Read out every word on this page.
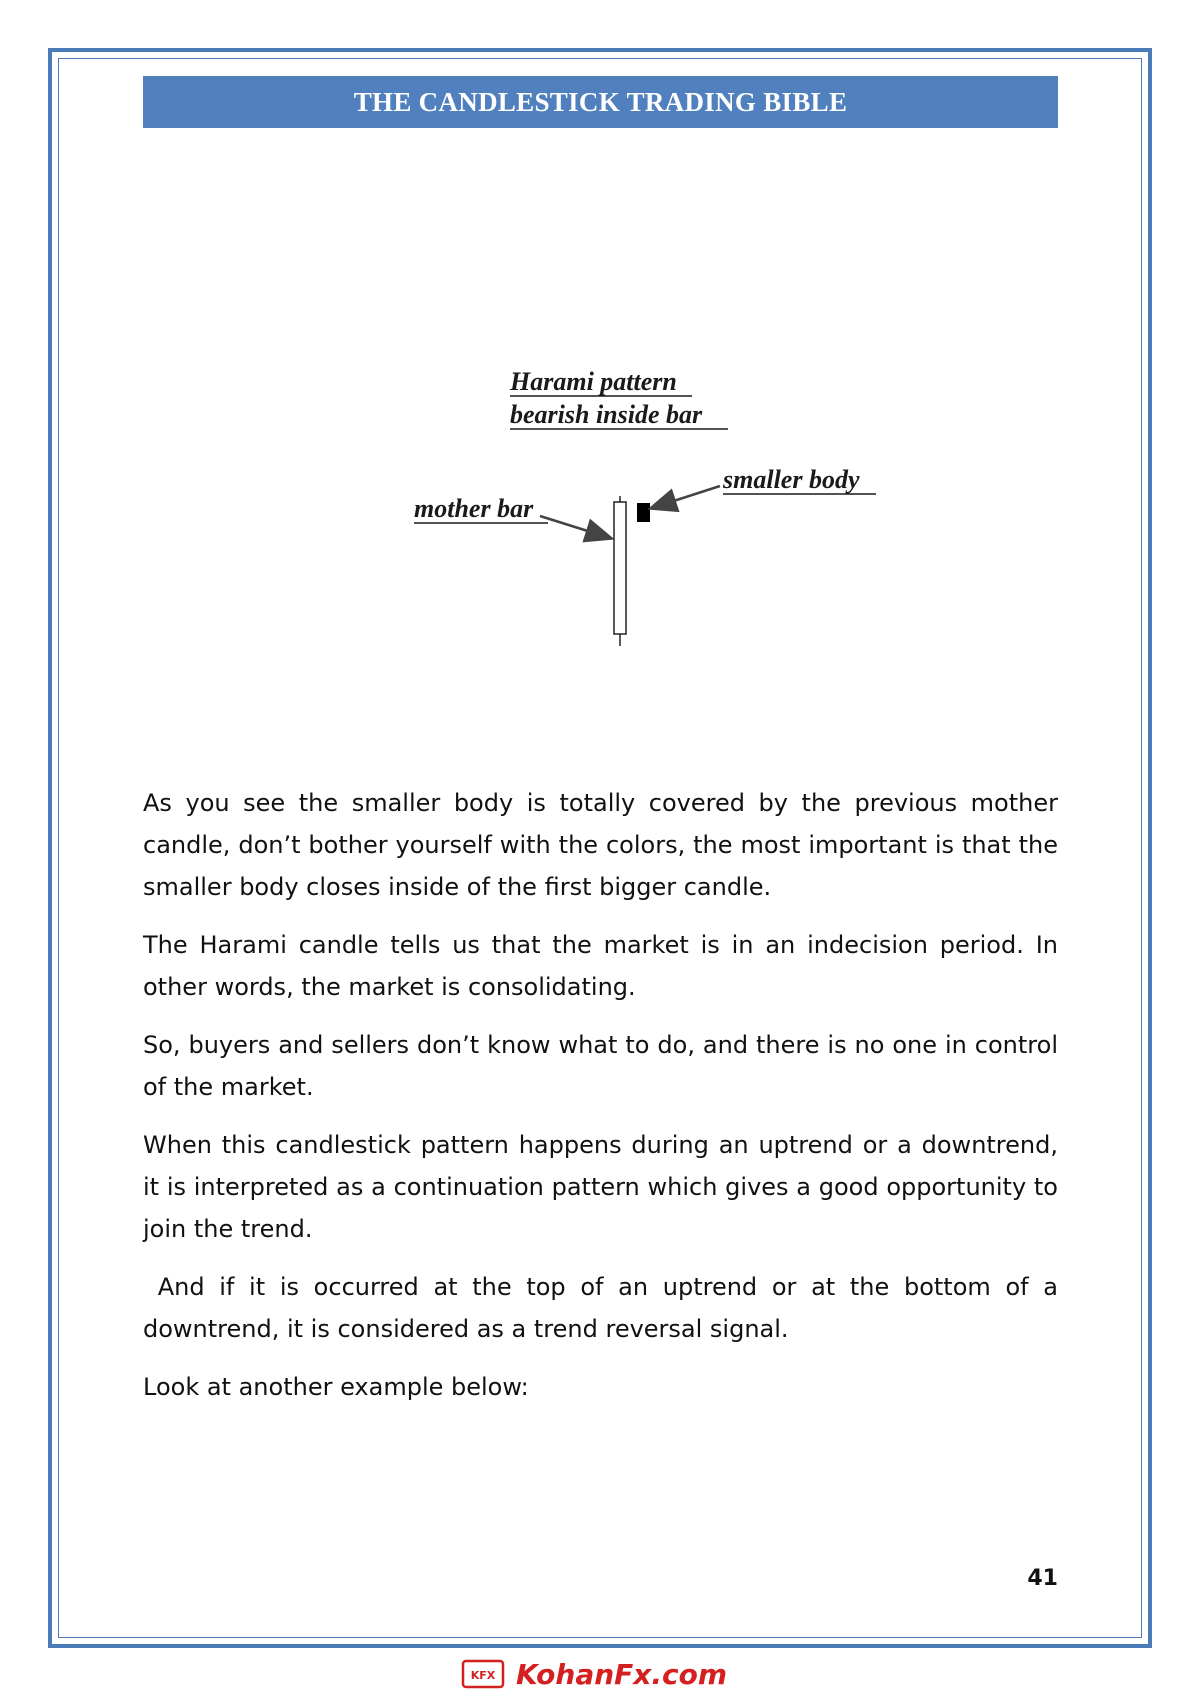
THE CANDLESTICK TRADING BIBLE
Harami pattern
bearish inside bar
smaller body
mother bar

As you see the smaller body is totally covered by the previous mother candle, don’t bother yourself with the colors, the most important is that the smaller body closes inside of the first bigger candle.

The Harami candle tells us that the market is in an indecision period. In other words, the market is consolidating.

So, buyers and sellers don’t know what to do, and there is no one in control of the market.

When this candlestick pattern happens during an uptrend or a downtrend, it is interpreted as a continuation pattern which gives a good opportunity to join the trend.

And if it is occurred at the top of an uptrend or at the bottom of a downtrend, it is considered as a trend reversal signal.

Look at another example below:

41
KFX KohanFx.com
